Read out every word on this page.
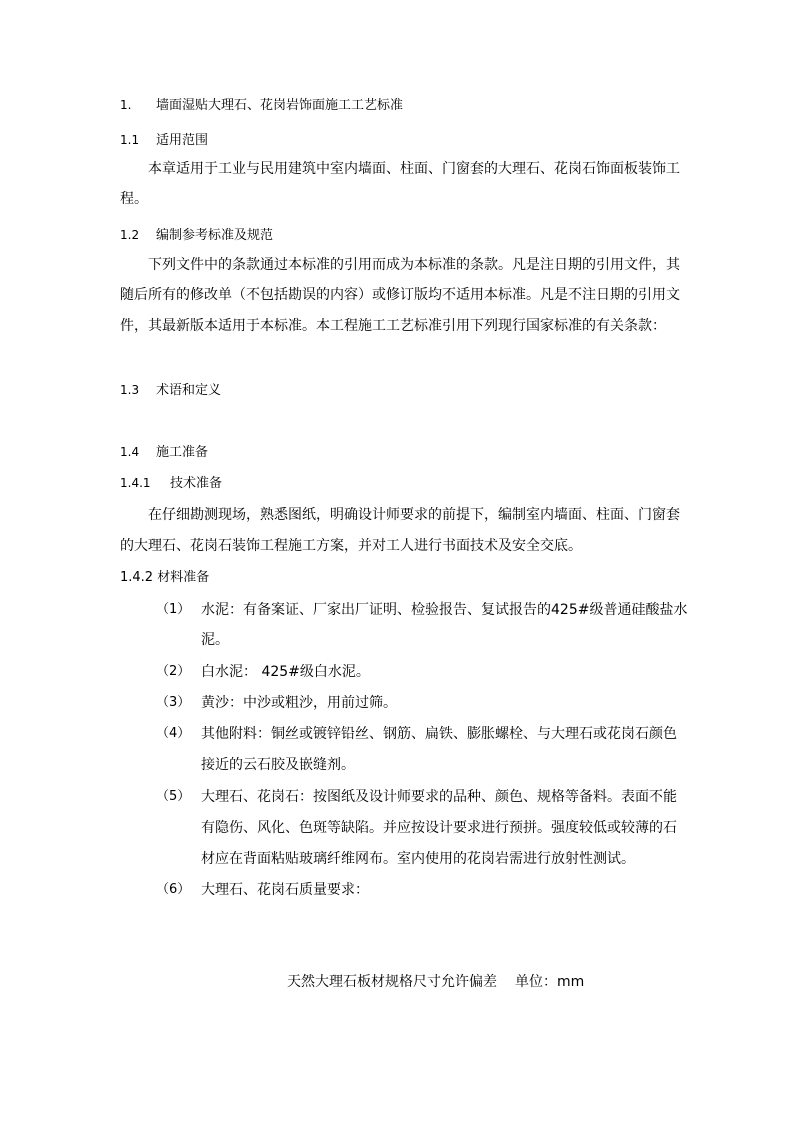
1. 墙面湿贴大理石、花岗岩饰面施工工艺标准
1.1 适用范围
本章适用于工业与民用建筑中室内墙面、柱面、门窗套的大理石、花岗石饰面板装饰工
程。
1.2 编制参考标准及规范
下列文件中的条款通过本标准的引用而成为本标准的条款。凡是注日期的引用文件，其
随后所有的修改单（不包括勘误的内容）或修订版均不适用本标准。凡是不注日期的引用文
件，其最新版本适用于本标准。本工程施工工艺标准引用下列现行国家标准的有关条款：
1.3 术语和定义
1.4 施工准备
1.4.1 技术准备
在仔细勘测现场，熟悉图纸，明确设计师要求的前提下，编制室内墙面、柱面、门窗套
的大理石、花岗石装饰工程施工方案，并对工人进行书面技术及安全交底。
1.4.2 材料准备
（1） 水泥：有备案证、厂家出厂证明、检验报告、复试报告的425#级普通硅酸盐水
泥。
（2） 白水泥： 425#级白水泥。
（3） 黄沙：中沙或粗沙，用前过筛。
（4） 其他附料：铜丝或镀锌铅丝、钢筋、扁铁、膨胀螺栓、与大理石或花岗石颜色
接近的云石胶及嵌缝剂。
（5） 大理石、花岗石：按图纸及设计师要求的品种、颜色、规格等备料。表面不能
有隐伤、风化、色斑等缺陷。并应按设计要求进行预拼。强度较低或较薄的石
材应在背面粘贴玻璃纤维网布。室内使用的花岗岩需进行放射性测试。
（6） 大理石、花岗石质量要求：
天然大理石板材规格尺寸允许偏差 单位：mm
